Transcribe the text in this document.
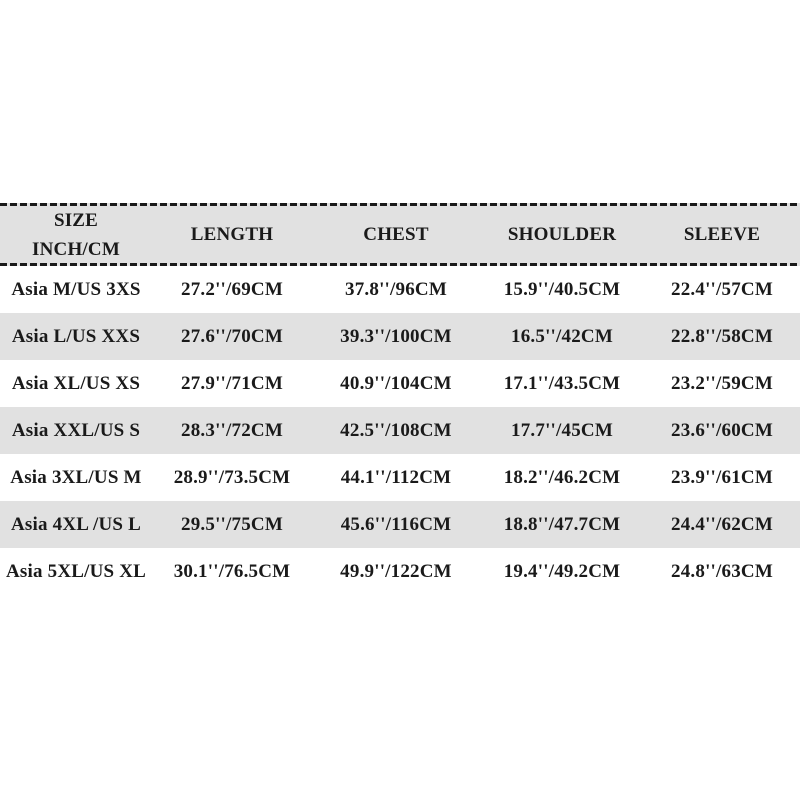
SIZE
INCH/CM	LENGTH	CHEST	SHOULDER	SLEEVE
Asia M/US 3XS	27.2''/69CM	37.8''/96CM	15.9''/40.5CM	22.4''/57CM
Asia L/US XXS	27.6''/70CM	39.3''/100CM	16.5''/42CM	22.8''/58CM
Asia XL/US XS	27.9''/71CM	40.9''/104CM	17.1''/43.5CM	23.2''/59CM
Asia XXL/US S	28.3''/72CM	42.5''/108CM	17.7''/45CM	23.6''/60CM
Asia 3XL/US M	28.9''/73.5CM	44.1''/112CM	18.2''/46.2CM	23.9''/61CM
Asia 4XL /US L	29.5''/75CM	45.6''/116CM	18.8''/47.7CM	24.4''/62CM
Asia 5XL/US XL	30.1''/76.5CM	49.9''/122CM	19.4''/49.2CM	24.8''/63CM
